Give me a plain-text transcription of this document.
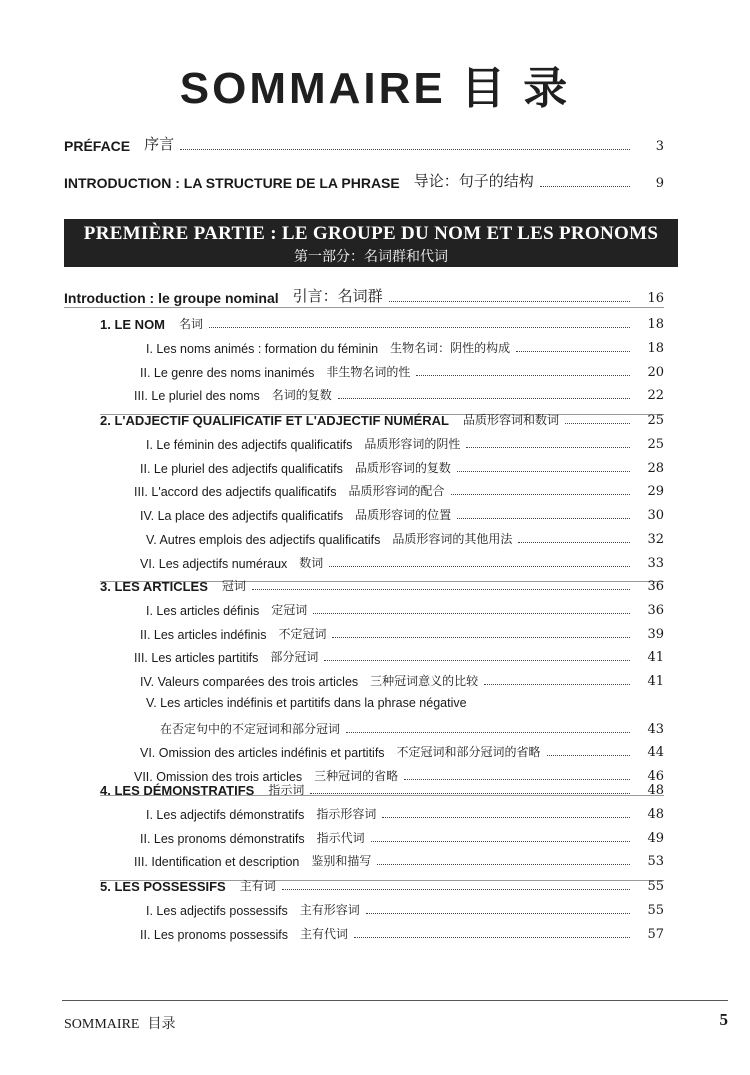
SOMMAIRE 目 录
PRÉFACE 序言	3
INTRODUCTION : LA STRUCTURE DE LA PHRASE 导论：句子的结构	9
PREMIÈRE PARTIE : LE GROUPE DU NOM ET LES PRONOMS
第一部分：名词群和代词
Introduction : le groupe nominal 引言：名词群	16
1. LE NOM 名词	18
I. Les noms animés : formation du féminin 生物名词：阴性的构成	18
II. Le genre des noms inanimés 非生物名词的性	20
III. Le pluriel des noms 名词的复数	22
2. L'ADJECTIF QUALIFICATIF ET L'ADJECTIF NUMÉRAL 品质形容词和数词	25
I. Le féminin des adjectifs qualificatifs 品质形容词的阴性	25
II. Le pluriel des adjectifs qualificatifs 品质形容词的复数	28
III. L'accord des adjectifs qualificatifs 品质形容词的配合	29
IV. La place des adjectifs qualificatifs 品质形容词的位置	30
V. Autres emplois des adjectifs qualificatifs 品质形容词的其他用法	32
VI. Les adjectifs numéraux 数词	33
3. LES ARTICLES 冠词	36
I. Les articles définis 定冠词	36
II. Les articles indéfinis 不定冠词	39
III. Les articles partitifs 部分冠词	41
IV. Valeurs comparées des trois articles 三种冠词意义的比较	41
V. Les articles indéfinis et partitifs dans la phrase négative
在否定句中的不定冠词和部分冠词	43
VI. Omission des articles indéfinis et partitifs 不定冠词和部分冠词的省略	44
VII. Omission des trois articles 三种冠词的省略	46
4. LES DÉMONSTRATIFS 指示词	48
I. Les adjectifs démonstratifs 指示形容词	48
II. Les pronoms démonstratifs 指示代词	49
III. Identification et description 鉴别和描写	53
5. LES POSSESSIFS 主有词	55
I. Les adjectifs possessifs 主有形容词	55
II. Les pronoms possessifs 主有代词	57
SOMMAIRE 目录	5
